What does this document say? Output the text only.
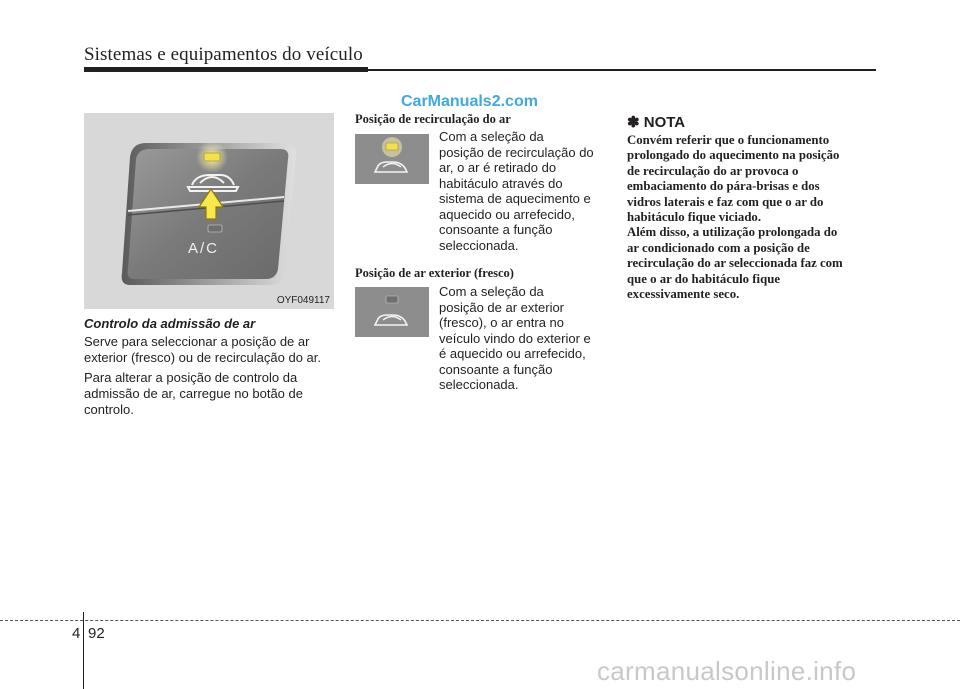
Sistemas e equipamentos do veículo
CarManuals2.com
A/C
OYF049117
Controlo da admissão de ar
Serve para seleccionar a posição de ar
exterior (fresco) ou de recirculação do ar.
Para alterar a posição de controlo da
admissão de ar, carregue no botão de
controlo.
Posição de recirculação do ar
Com a seleção da
posição de recirculação do
ar, o ar é retirado do
habitáculo através do
sistema de aquecimento e
aquecido ou arrefecido,
consoante a função
seleccionada.
Posição de ar exterior (fresco)
Com a seleção da
posição de ar exterior
(fresco), o ar entra no
veículo vindo do exterior e
é aquecido ou arrefecido,
consoante a função
seleccionada.
✽ NOTA
Convém referir que o funcionamento
prolongado do aquecimento na posição
de recirculação do ar provoca o
embaciamento do pára-brisas e dos
vidros laterais e faz com que o ar do
habitáculo fique viciado.
Além disso, a utilização prolongada do
ar condicionado com a posição de
recirculação do ar seleccionada faz com
que o ar do habitáculo fique
excessivamente seco.
4 92
carmanualsonline.info
